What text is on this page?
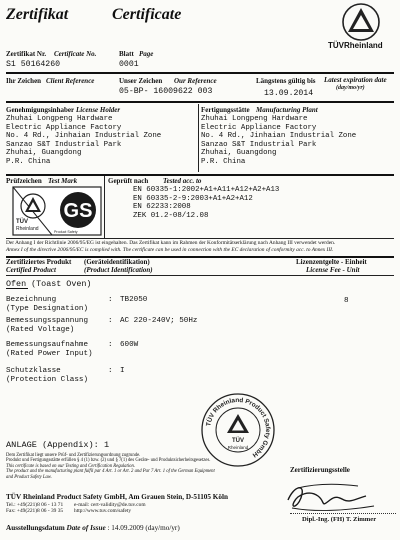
Zertifikat	Certificate
TÜVRheinland
Zertifikat Nr. Certificate No.
S1 50164260
Blatt Page
0001
Ihr Zeichen Client Reference	Unser Zeichen Our Reference
05-BP- 16009622 003
Längstens gültig bis Latest expiration date
(day/mo/yr)
13.09.2014
Genehmigungsinhaber License Holder
Zhuhai Longpeng Hardware
Electric Appliance Factory
No. 4 Rd., Jinhaian Industrial Zone
Sanzao S&T Industrial Park
Zhuhai, Guangdong
P.R. China
Fertigungsstätte Manufacturing Plant
Zhuhai Longpeng Hardware
Electric Appliance Factory
No. 4 Rd., Jinhaian Industrial Zone
Sanzao S&T Industrial Park
Zhuhai, Guangdong
P.R. China
Prüfzeichen Test Mark
TÜV
Rheinland	Product Safety
GS
Geprüft nach Tested acc. to
EN 60335-1:2002+A1+A11+A12+A2+A13
EN 60335-2-9:2003+A1+A2+A12
EN 62233:2008
ZEK 01.2-08/12.08
Der Anhang I der Richtlinie 2006/95/EG ist eingehalten. Das Zertifikat kann im Rahmen der Konformitätserklärung nach Anhang III verwendet werden.
Annex I of the directive 2006/95/EC is complied with. The certificate can be used in connection with the EC declaration of conformity acc. to Annex III.
Zertifiziertes Produkt (Geräteidentifikation)
Certified Product	(Product Identification)
Lizenzentgelte - Einheit
License Fee - Unit
Ofen (Toast Oven)
Bezeichnung
(Type Designation)
: TB2050	8
Bemessungsspannung
(Rated Voltage)
: AC 220-240V; 50Hz
Bemessungsaufnahme
(Rated Power Input)
: 600W
Schutzklasse
(Protection Class)
: I
TÜV Rheinland Product Safety GmbH
TÜV
Rheinland
ANLAGE (Appendix): 1
Dem Zertifikat liegt unsere Prüf- und Zertifizierungsordnung zugrunde.
Produkt und Fertigungsstätte erfüllen § 4 (1) bzw. (2) und § 7(1) des Geräte- und Produktsicherheitsgesetzes.
This certificate is based on our Testing and Certification Regulation.
The product and the manufacturing plant fulfil par 4 Art. 1 or Art. 2 and Par 7 Art. 1 of the German Equipment and Product Safety Law.
TÜV Rheinland Product Safety GmbH, Am Grauen Stein, D-51105 Köln
Tel.: +49(221)8 06 - 13 71
Fax: +49(221)8 06 - 39 35
e-mail: cert-validity@de.tuv.com
http://www.tuv.com/safety
Ausstellungsdatum Date of Issue : 14.09.2009 (day/mo/yr)
Zertifizierungsstelle
Dipl.-Ing. (FH) T. Zimmer
